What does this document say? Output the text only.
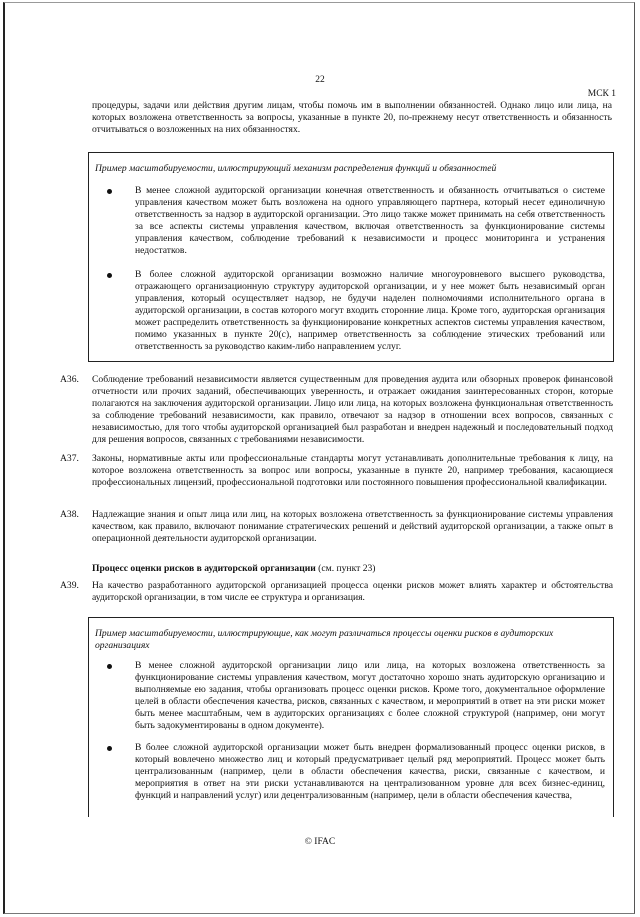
22
МСК 1

процедуры, задачи или действия другим лицам, чтобы помочь им в выполнении обязанностей. Однако лицо или лица, на которых возложена ответственность за вопросы, указанные в пункте 20, по-прежнему несут ответственность и обязанность отчитываться о возложенных на них обязанностях.

Пример масштабируемости, иллюстрирующий механизм распределения функций и обязанностей

В менее сложной аудиторской организации конечная ответственность и обязанность отчитываться о системе управления качеством может быть возложена на одного управляющего партнера, который несет единоличную ответственность за надзор в аудиторской организации. Это лицо также может принимать на себя ответственность за все аспекты системы управления качеством, включая ответственность за функционирование системы управления качеством, соблюдение требований к независимости и процесс мониторинга и устранения недостатков.
В более сложной аудиторской организации возможно наличие многоуровневого высшего руководства, отражающего организационную структуру аудиторской организации, и у нее может быть независимый орган управления, который осуществляет надзор, не будучи наделен полномочиями исполнительного органа в аудиторской организации, в состав которого могут входить сторонние лица. Кроме того, аудиторская организация может распределить ответственность за функционирование конкретных аспектов системы управления качеством, помимо указанных в пункте 20(с), например ответственность за соблюдение этических требований или ответственность за руководство каким-либо направлением услуг.
А36.	Соблюдение требований независимости является существенным для проведения аудита или обзорных проверок финансовой отчетности или прочих заданий, обеспечивающих уверенность, и отражает ожидания заинтересованных сторон, которые полагаются на заключения аудиторской организации. Лицо или лица, на которых возложена функциональная ответственность за соблюдение требований независимости, как правило, отвечают за надзор в отношении всех вопросов, связанных с независимостью, для того чтобы аудиторской организацией был разработан и внедрен надежный и последовательный подход для решения вопросов, связанных с требованиями независимости.

А37.	Законы, нормативные акты или профессиональные стандарты могут устанавливать дополнительные требования к лицу, на которое возложена ответственность за вопрос или вопросы, указанные в пункте 20, например требования, касающиеся профессиональных лицензий, профессиональной подготовки или постоянного повышения профессиональной квалификации.

А38.	Надлежащие знания и опыт лица или лиц, на которых возложена ответственность за функционирование системы управления качеством, как правило, включают понимание стратегических решений и действий аудиторской организации, а также опыт в операционной деятельности аудиторской организации.

Процесс оценки рисков в аудиторской организации (см. пункт 23)
А39.	На качество разработанного аудиторской организацией процесса оценки рисков может влиять характер и обстоятельства аудиторской организации, в том числе ее структура и организация.

Пример масштабируемости, иллюстрирующие, как могут различаться процессы оценки рисков в аудиторских организациях

В менее сложной аудиторской организации лицо или лица, на которых возложена ответственность за функционирование системы управления качеством, могут достаточно хорошо знать аудиторскую организацию и выполняемые ею задания, чтобы организовать процесс оценки рисков. Кроме того, документальное оформление целей в области обеспечения качества, рисков, связанных с качеством, и мероприятий в ответ на эти риски может быть менее масштабным, чем в аудиторских организациях с более сложной структурой (например, они могут быть задокументированы в одном документе).
В более сложной аудиторской организации может быть внедрен формализованный процесс оценки рисков, в который вовлечено множество лиц и который предусматривает целый ряд мероприятий. Процесс может быть централизованным (например, цели в области обеспечения качества, риски, связанные с качеством, и мероприятия в ответ на эти риски устанавливаются на централизованном уровне для всех бизнес-единиц, функций и направлений услуг) или децентрализованным (например, цели в области обеспечения качества,
© IFAC
